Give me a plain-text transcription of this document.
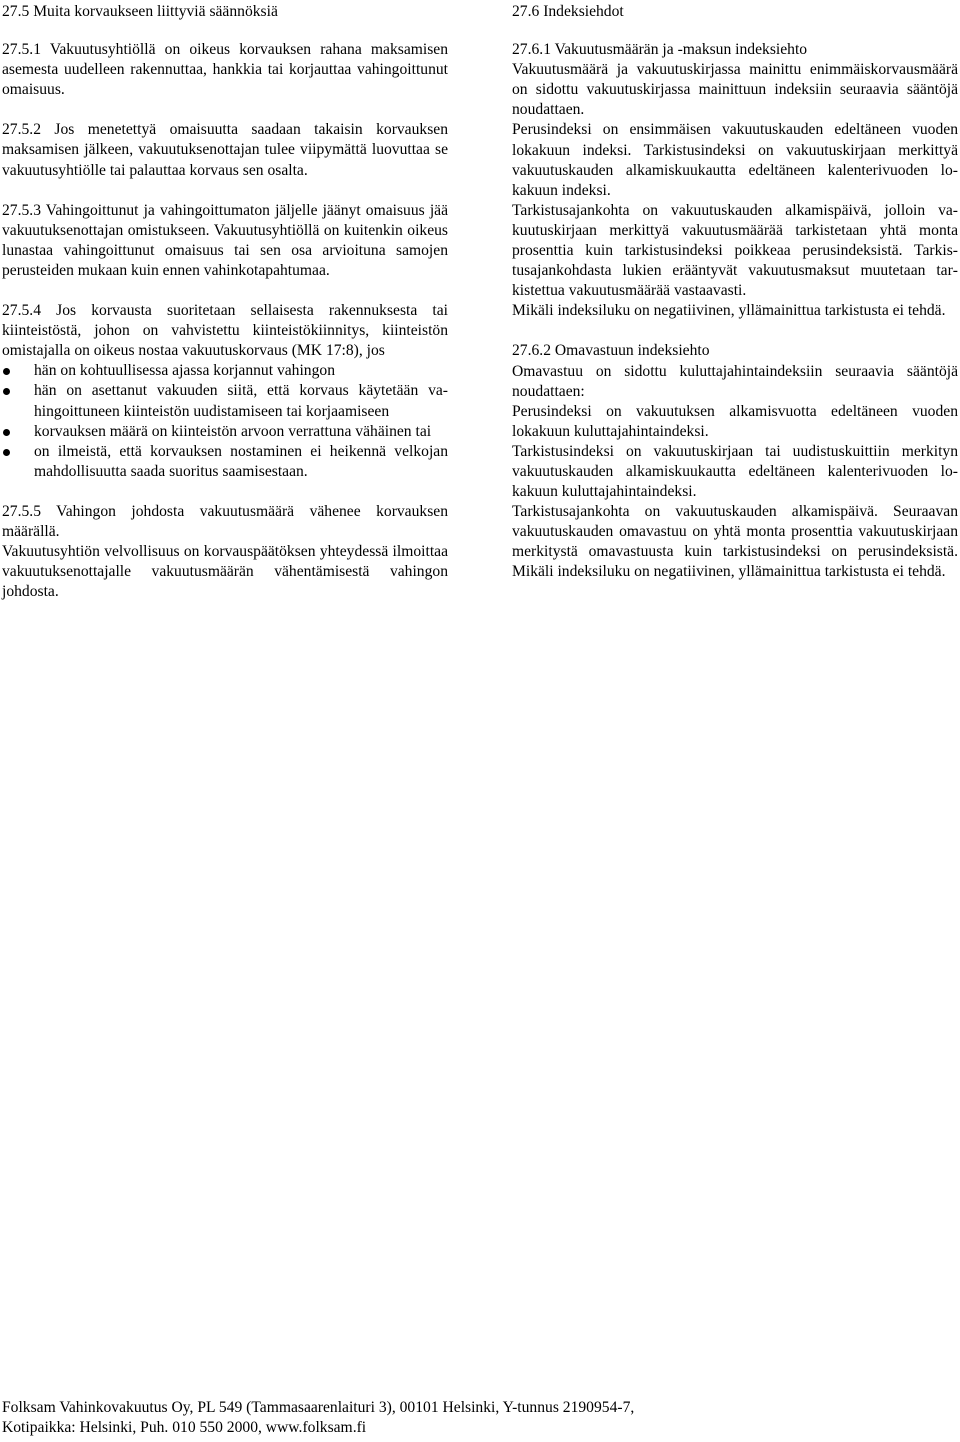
27.5 Muita korvaukseen liittyviä säännöksiä

27.5.1 Vakuutusyhtiöllä on oikeus korvauksen rahana maksamisen asemesta uudelleen rakennuttaa, hankkia tai korjauttaa vahingoittunut omaisuus.

27.5.2 Jos menetettyä omaisuutta saadaan takaisin korvauksen maksamisen jälkeen, vakuutuksenottajan tulee viipymättä luovuttaa se vakuutusyhtiölle tai palauttaa korvaus sen osalta.

27.5.3 Vahingoittunut ja vahingoittumaton jäljelle jäänyt omaisuus jää vakuutuksenottajan omistukseen. Vakuutusyhtiöllä on kuitenkin oikeus lunastaa vahingoittunut omaisuus tai sen osa arvioituna samojen perusteiden mukaan kuin ennen vahinkotapahtumaa.

27.5.4 Jos korvausta suoritetaan sellaisesta rakennuksesta tai kiinteistöstä, johon on vahvistettu kiinteistökiinnitys, kiinteistön omistajalla on oikeus nostaa vakuutuskorvaus (MK 17:8), jos

hän on kohtuullisessa ajassa korjannut vahingon
hän on asettanut vakuuden siitä, että korvaus käytetään vahingoittuneen kiinteistön uudistamiseen tai korjaamiseen
korvauksen määrä on kiinteistön arvoon verrattuna vähäinen tai
on ilmeistä, että korvauksen nostaminen ei heikennä velkojan mahdollisuutta saada suoritus saamisestaan.

27.5.5 Vahingon johdosta vakuutusmäärä vähenee korvauksen määrällä.

Vakuutusyhtiön velvollisuus on korvauspäätöksen yhteydessä ilmoittaa vakuutuksenottajalle vakuutusmäärän vähentämisestä vahingon johdosta.

27.6 Indeksiehdot

27.6.1 Vakuutusmäärän ja -maksun indeksiehto

Vakuutusmäärä ja vakuutuskirjassa mainittu enimmäiskorvausmäärä on sidottu vakuutuskirjassa mainittuun indeksiin seuraavia sääntöjä noudattaen.

Perusindeksi on ensimmäisen vakuutuskauden edeltäneen vuoden lokakuun indeksi. Tarkistusindeksi on vakuutuskirjaan merkittyä vakuutuskauden alkamiskuukautta edeltäneen kalenterivuoden lokakuun indeksi.

Tarkistusajankohta on vakuutuskauden alkamispäivä, jolloin vakuutuskirjaan merkittyä vakuutusmäärää tarkistetaan yhtä monta prosenttia kuin tarkistusindeksi poikkeaa perusindeksistä. Tarkistusajankohdasta lukien erääntyvät vakuutusmaksut muutetaan tarkistettua vakuutusmäärää vastaavasti.

Mikäli indeksiluku on negatiivinen, yllämainittua tarkistusta ei tehdä.

27.6.2 Omavastuun indeksiehto

Omavastuu on sidottu kuluttajahintaindeksiin seuraavia sääntöjä noudattaen:

Perusindeksi on vakuutuksen alkamisvuotta edeltäneen vuoden lokakuun kuluttajahintaindeksi.

Tarkistusindeksi on vakuutuskirjaan tai uudistuskuittiin merkityn vakuutuskauden alkamiskuukautta edeltäneen kalenterivuoden lokakuun kuluttajahintaindeksi.

Tarkistusajankohta on vakuutuskauden alkamispäivä. Seuraavan vakuutuskauden omavastuu on yhtä monta prosenttia vakuutuskirjaan merkitystä omavastuusta kuin tarkistusindeksi on perusindeksistä. Mikäli indeksiluku on negatiivinen, yllämainittua tarkistusta ei tehdä.

Folksam Vahinkovakuutus Oy, PL 549 (Tammasaarenlaituri 3), 00101 Helsinki, Y-tunnus 2190954-7,

Kotipaikka: Helsinki, Puh. 010 550 2000, www.folksam.fi
